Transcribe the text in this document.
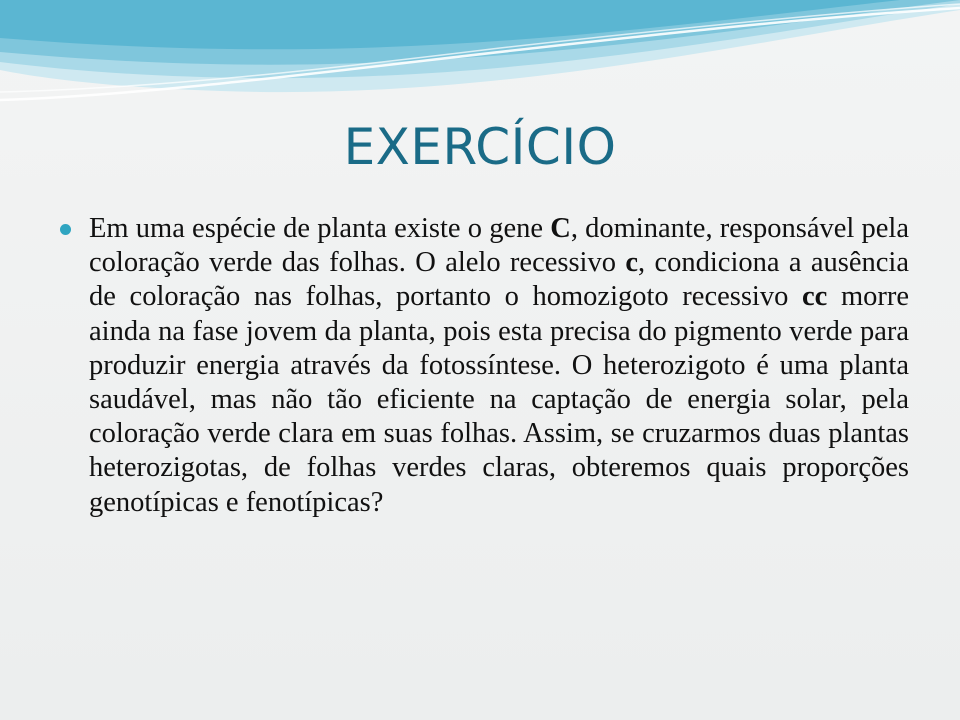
EXERCÍCIO
Em uma espécie de planta existe o gene C, dominante, responsável pela coloração verde das folhas. O alelo recessivo c, condiciona a ausência de coloração nas folhas, portanto o homozigoto recessivo cc morre ainda na fase jovem da planta, pois esta precisa do pigmento verde para produzir energia através da fotossíntese. O heterozigoto é uma planta saudável, mas não tão eficiente na captação de energia solar, pela coloração verde clara em suas folhas. Assim, se cruzarmos duas plantas heterozigotas, de folhas verdes claras, obteremos quais proporções genotípicas e fenotípicas?
